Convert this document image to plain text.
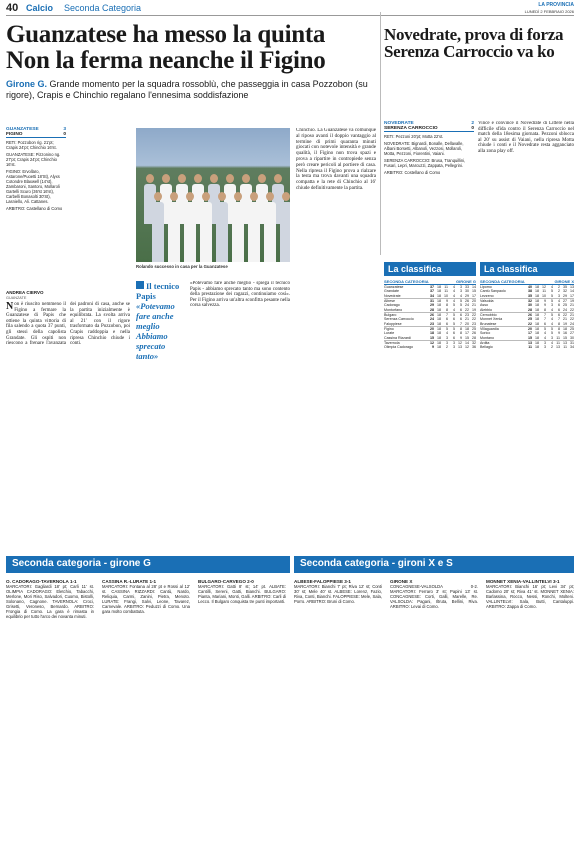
40 Calcio Seconda Categoria	LA PROVINCIA
LUNEDÌ 2 FEBBRAIO 2026
Guanzatese ha messo la quinta
Non la ferma neanche il Figino
Girone G. Grande momento per la squadra rossoblù, che passeggia in casa Pozzobon (su rigore), Crapis e Chinchio regalano l'ennesima soddisfazione
Novedrate, prova di forza Serenza Carroccio va ko
GUANZATESE	3
FIGINO	0

RETI: Pozzobon rig. 21'pt; Crapis 24'pt; Chinchio 16'st.

GUANZATESE: Pizzonino ng. 27'pt; Crapis 24'pt; Chinchio 16'st.

FIGINO: Ervollaro, Astarone/Puoetti 18'St), Alyxs Cotondre Blaxwell (14'st), Zambaroni, Santoro, Mollaroli Gartelli Scuro (36'st 16'st), Carbelli Bonasolti 30'St), Lasniello, Ali. Cattanes.

ARBITRO: Castellano di Como

ANDREA CIERVO
GUANZATE
Non è riuscito nemmeno il Figino a fermare la Guanzatese di Papis che ottiene la quinta vittoria di fila salendo a quota 37 punti, gli stessi della capolista Grandate. Gli ospiti non riescono a frenare l'avanzata dei padroni di casa, anche se la partita inizialmente è equilibrata. La svolta arriva al 21' con il rigore trasformato da Pozzobon, poi Crapis raddoppia e nella ripresa Chinchio chiude i conti.
Rolando successo in casa per la Guanzatese
Il tecnico Papis
«Potevamo fare anche meglio Abbiamo sprecato tanto»
«Potevamo fare anche meglio - spiega il tecnico Papis - abbiamo sprecato tanto ma sono contento della prestazione dei ragazzi, continuiamo così». Per il Figino arriva un'altra sconfitta pesante nella corsa salvezza.
Chinchio. La Guanzatese va comunque al riposo avanti il doppio vantaggio al termine di primi quaranta minuti giocati con notevole intensità e grande qualità, il Figino non trova spazi e prova a ripartire in contropiede senza però creare pericoli al portiere di casa. Nella ripresa il Figino prova a rialzare la testa ma trova davanti una squadra compatta e la rete di Chinchio al 16' chiude definitivamente la partita.
NOVEDRATE	2
SERENZA CARROCCIO	0

RETI: Pezzoni 20'pt; Motta 22'st.

NOVEDRATE: Bignardi, Bonalle, Dellavalle, Albani Borsetti, Albanoli, Vezzosi, Mollaroli, Motta, Pezzoni, Fiorentini, Vaiani.

SERENZA CARROCCIO: Brusa, Tranquillini, Fusari, Lepri, Marcuzzi, Zappata, Pellegrini.

ARBITRO: Costellano di Como

Vince e convince il Novedrate di Littere nella difficile sfida contro il Serenza Carroccio nel match della 18esima giornata. Pezzoni sblocca al 20' su assist di Vaiani, nella ripresa Motta chiude i conti e il Novedrate resta agganciato alla zona play off.
La classifica	La classifica
SECONDA CATEGORIA	GIRONE G
Guanzatese	37 18 11	4	3 33 14
Grandate	37 18 11	4	3 30 15
Novedrate	34 18 10	4	4 29 17
Albese	31 18	9	4	5 26 20
Cadorago	29 18	8	5	5 24 21
Montorfano	28 18	8	4	6 22 19
Bulgaro	26 18	7	5	6 23 22
Serenza Carroccio	24 18	6	6	6 21 22
Faloppiese	23 18	6	5	7 20 23
Figino	20 18	5	5	8 18 25
Lurate	18 18	4	6	8 17 26
Cassina Rizzardi	15 18	3	6	9 15 28
Tavernola	12 18	3	3 12 14 32
Olimpia Cadorago	9 18	2	3 13 12 36
SECONDA CATEGORIA	GIRONE X
Lipomo	40 18 12	4	2 35 13
Cantù Sanpaolo	38 18 11	5	2 32 14
Lezzeno	35 18 10	5	3 29 17
Valsolda	32 18	9	5	4 27 19
Asso	30 18	9	3	6 25 21
Alebbio	28 18	8	4	6 24 22
Cernobbio	26 18	7	5	6 22 21
Monnet Xenia	25 18	7	4	7 21 22
Brunatese	22 18	6	4	8 19 24
Villaguardia	20 18	5	5	8 18 25
Sorico	17 18	4	5	9 16 27
Montano	15 18	4	3 11 15 30
Ardita	13 18	3	4 11 13 31
Bellagio	11 18	3	2 13 11 34
Seconda categoria - girone G	Seconda categoria - gironi X e S
O. CADORAGO-TAVERNOLA 1-1
MARCATORI: Gagliardi 18' pt; Carli 11' st. OLIMPIA CADORAGO: Eletchio, Tabacchi, Merlone, Mori Riso, Salvadori, Cuomo, Bistolli, Solonano, Cagnone. TAVERNOLA: Croci, Grisetti, Veroneso, Bernardo. ARBITRO: Frongia di Como. La gara è rimasta in equilibrio per tutto l'arco dei novanta minuti.
CASSINA R.-LURATE 1-1
MARCATORI: Fontana al 28' pt e Rossi al 12' st. CASSINA RIZZARDI: Cantù, Nardo, Reliquia, Carmi, Zanini, Pietra, Menoto. LURATE: Frangi, Salvi, Leone, Tavarez, Carnevale. ARBITRO: Peduzzi di Como. Una gara molto combattuta.
BULGARO-CARVEGO 2-0
MARCATORI: Gatti 8' st; 14' pt. ALBATE: Cantilli, Sereni, Gatti, Bianchi. BULGARO: Pianta, Mariani, Monti, Galli. ARBITRO: Carli di Lecco. Il Bulgaro conquista tre punti importanti.
ALBESE-FALOPPIESE 3-1
MARCATORI: Bianchi 7' pt; Riva 12' st; Conti 30' st; Mele 40' st. ALBESE: Lorenz, Fazio, Riva, Conti, Bianchi. FALOPPIESE: Mele, Sala, Porro. ARBITRO: Bruni di Como.
GIRONE X
CONCAGNESE-VALSOLDA 0-2. MARCATORI: Ferraro 3' st; Papini 13' st. CONCAGNESE: Corti, Galli, Marelle, Re. VALSOLDA: Pagani, Iltruta, Bellini, Riva. ARBITRO: Levai di Como.
MONNET XENIA-VALLINTELVI 3-1
MARCATORI: Bianchi 16' pt; Levi 34' pt; Cadomo 20' st; Riva 41' st. MONNET XENIA: Barlassina, Rocco, Nessi, Ronchi, Molteni. VALLINTELVI: Sala, Butti, Cantaluppi. ARBITRO: Zappa di Como.
